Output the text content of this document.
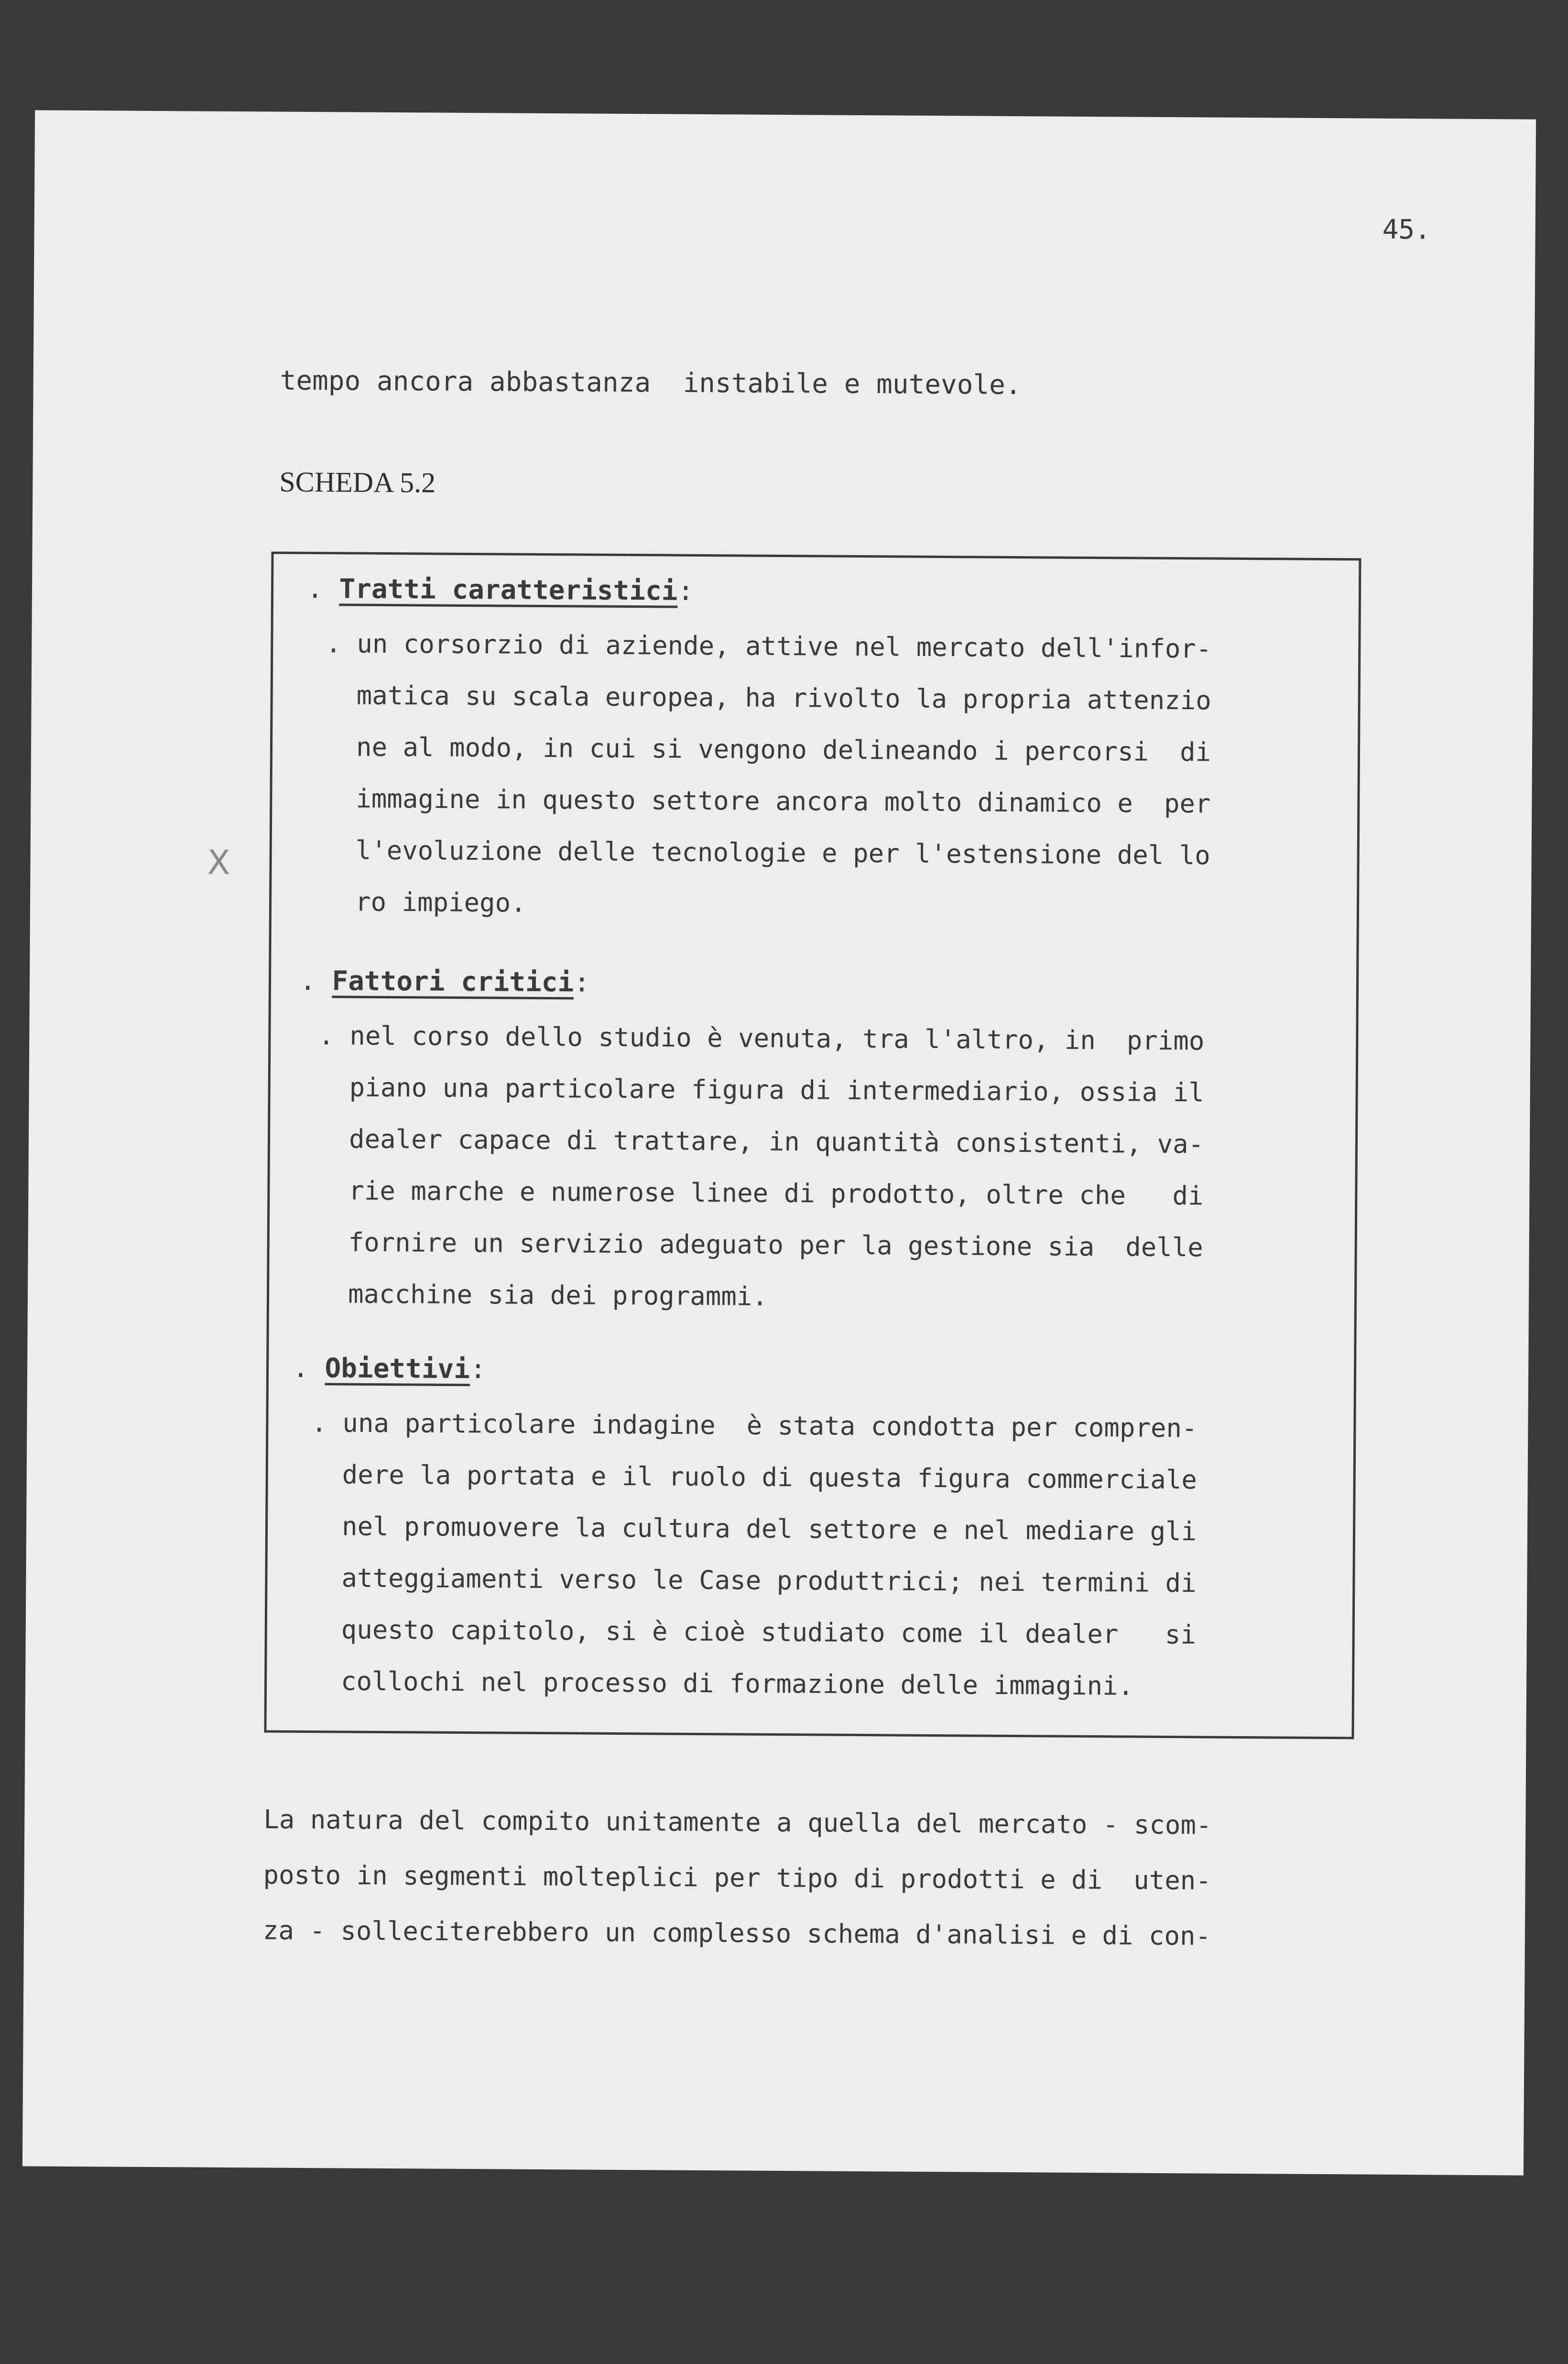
45.
tempo ancora abbastanza  instabile e mutevole.
SCHEDA 5.2
X
. Tratti caratteristici:
. un corsorzio di aziende, attive nel mercato dell'infor-
matica su scala europea, ha rivolto la propria attenzio
ne al modo, in cui si vengono delineando i percorsi  di
immagine in questo settore ancora molto dinamico e  per
l'evoluzione delle tecnologie e per l'estensione del lo
ro impiego.
. Fattori critici:
. nel corso dello studio è venuta, tra l'altro, in  primo
piano una particolare figura di intermediario, ossia il
dealer capace di trattare, in quantità consistenti, va-
rie marche e numerose linee di prodotto, oltre che   di
fornire un servizio adeguato per la gestione sia  delle
macchine sia dei programmi.
. Obiettivi:
. una particolare indagine  è stata condotta per compren-
dere la portata e il ruolo di questa figura commerciale
nel promuovere la cultura del settore e nel mediare gli
atteggiamenti verso le Case produttrici; nei termini di
questo capitolo, si è cioè studiato come il dealer   si
collochi nel processo di formazione delle immagini.
La natura del compito unitamente a quella del mercato - scom-
posto in segmenti molteplici per tipo di prodotti e di  uten-
za - solleciterebbero un complesso schema d'analisi e di con-
